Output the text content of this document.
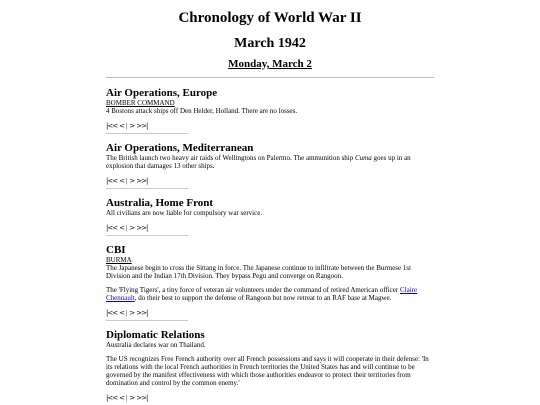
Chronology of World War II
March 1942
Monday, March 2
Air Operations, Europe
BOMBER COMMAND
4 Bostons attack ships off Den Helder, Holland. There are no losses.
|<< < | > >>|
Air Operations, Mediterranean
The British launch two heavy air raids of Wellingtons on Palermo. The ammunition ship Cuma goes up in an explosion that damages 13 other ships.
|<< < | > >>|
Australia, Home Front
All civilians are now liable for compulsory war service.
|<< < | > >>|
CBI
BURMA
The Japanese begin to cross the Sittang in force. The Japanese continue to infiltrate between the Burmese 1st Division and the Indian 17th Division. They bypass Pegu and converge on Rangoon.
The 'Flying Tigers', a tiny force of veteran air volunteers under the command of retired American officer Claire Chennault, do their best to support the defense of Rangoon but now retreat to an RAF base at Magwe.
|<< < | > >>|
Diplomatic Relations
Australia declares war on Thailand.
The US recognizes Free French authority over all French possessions and says it will cooperate in their defense: 'In its relations with the local French authorities in French territories the United States has and will continue to be governed by the manifest effectiveness with which those authorities endeavor to protect their territories from domination and control by the common enemy.'
|<< < | > >>|
